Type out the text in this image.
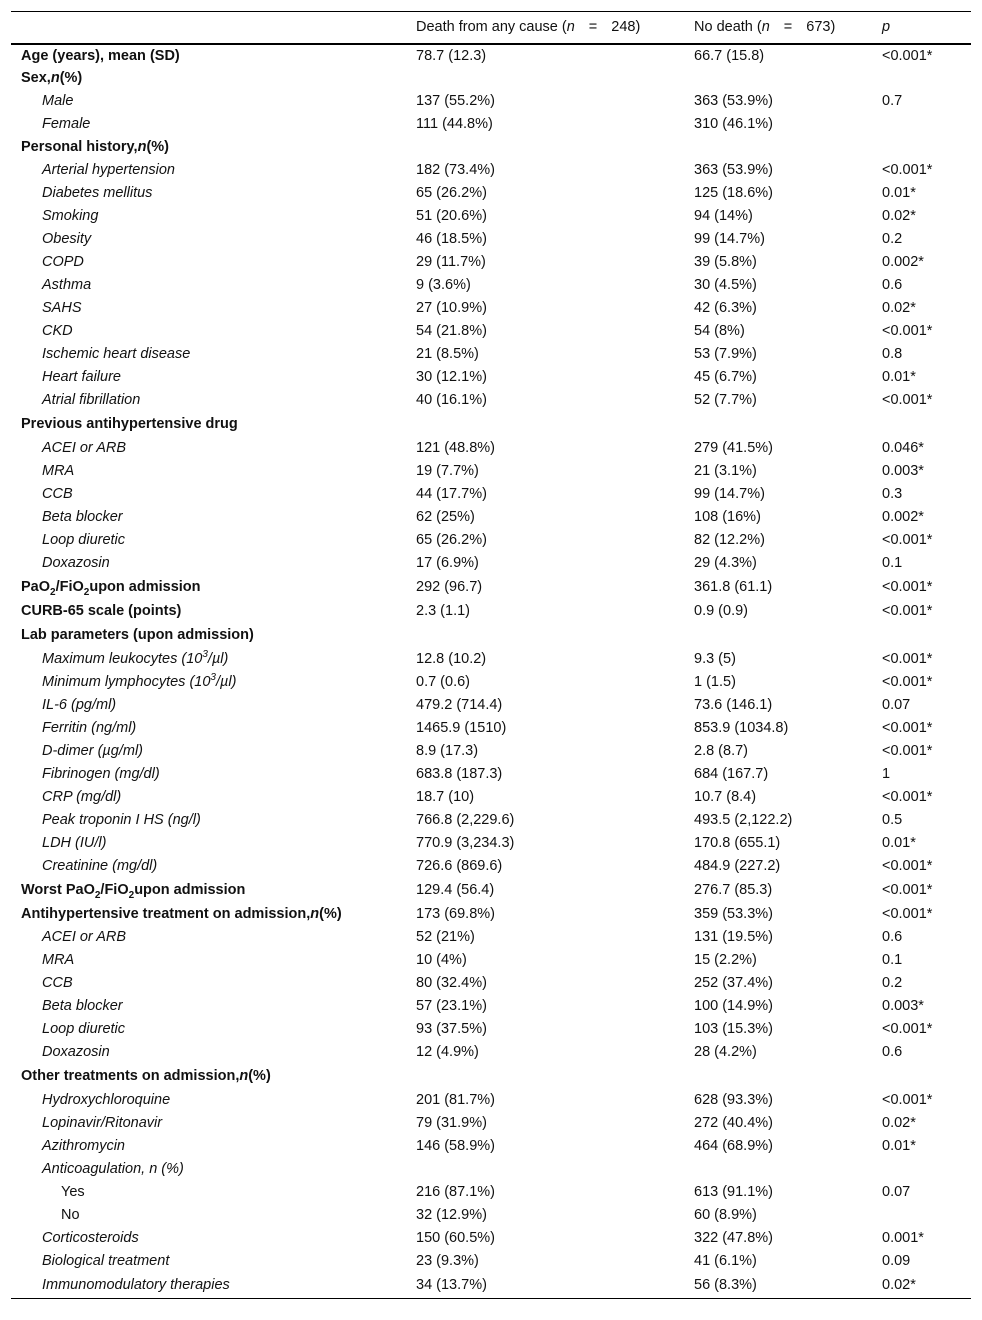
	Death from any cause (n = 248)	No death (n = 673)	p
Age (years), mean (SD)	78.7 (12.3)	66.7 (15.8)	<0.001*
Sex,n(%)			
Male	137 (55.2%)	363 (53.9%)	0.7
Female	111 (44.8%)	310 (46.1%)	
Personal history,n(%)			
Arterial hypertension	182 (73.4%)	363 (53.9%)	<0.001*
Diabetes mellitus	65 (26.2%)	125 (18.6%)	0.01*
Smoking	51 (20.6%)	94 (14%)	0.02*
Obesity	46 (18.5%)	99 (14.7%)	0.2
COPD	29 (11.7%)	39 (5.8%)	0.002*
Asthma	9 (3.6%)	30 (4.5%)	0.6
SAHS	27 (10.9%)	42 (6.3%)	0.02*
CKD	54 (21.8%)	54 (8%)	<0.001*
Ischemic heart disease	21 (8.5%)	53 (7.9%)	0.8
Heart failure	30 (12.1%)	45 (6.7%)	0.01*
Atrial fibrillation	40 (16.1%)	52 (7.7%)	<0.001*
Previous antihypertensive drug			
ACEI or ARB	121 (48.8%)	279 (41.5%)	0.046*
MRA	19 (7.7%)	21 (3.1%)	0.003*
CCB	44 (17.7%)	99 (14.7%)	0.3
Beta blocker	62 (25%)	108 (16%)	0.002*
Loop diuretic	65 (26.2%)	82 (12.2%)	<0.001*
Doxazosin	17 (6.9%)	29 (4.3%)	0.1
PaO$_2$/FiO$_2$upon admission	292 (96.7)	361.8 (61.1)	<0.001*
CURB-65 scale (points)	2.3 (1.1)	0.9 (0.9)	<0.001*
Lab parameters (upon admission)			
Maximum leukocytes $(10^3/\mu l)$	12.8 (10.2)	9.3 (5)	<0.001*
Minimum lymphocytes $(10^3/\mu l)$	0.7 (0.6)	1 (1.5)	<0.001*
IL-6 (pg/ml)	479.2 (714.4)	73.6 (146.1)	0.07
Ferritin (ng/ml)	1465.9 (1510)	853.9 (1034.8)	<0.001*
D-dimer (µg/ml)	8.9 (17.3)	2.8 (8.7)	<0.001*
Fibrinogen (mg/dl)	683.8 (187.3)	684 (167.7)	1
CRP (mg/dl)	18.7 (10)	10.7 (8.4)	<0.001*
Peak troponin I HS (ng/l)	766.8 (2,229.6)	493.5 (2,122.2)	0.5
LDH (IU/l)	770.9 (3,234.3)	170.8 (655.1)	0.01*
Creatinine (mg/dl)	726.6 (869.6)	484.9 (227.2)	<0.001*
Worst PaO$_2$/FiO$_2$upon admission	129.4 (56.4)	276.7 (85.3)	<0.001*
Antihypertensive treatment on admission,n(%)	173 (69.8%)	359 (53.3%)	<0.001*
ACEI or ARB	52 (21%)	131 (19.5%)	0.6
MRA	10 (4%)	15 (2.2%)	0.1
CCB	80 (32.4%)	252 (37.4%)	0.2
Beta blocker	57 (23.1%)	100 (14.9%)	0.003*
Loop diuretic	93 (37.5%)	103 (15.3%)	<0.001*
Doxazosin	12 (4.9%)	28 (4.2%)	0.6
Other treatments on admission,n(%)			
Hydroxychloroquine	201 (81.7%)	628 (93.3%)	<0.001*
Lopinavir/Ritonavir	79 (31.9%)	272 (40.4%)	0.02*
Azithromycin	146 (58.9%)	464 (68.9%)	0.01*
Anticoagulation, n (%)			
Yes	216 (87.1%)	613 (91.1%)	0.07
No	32 (12.9%)	60 (8.9%)	
Corticosteroids	150 (60.5%)	322 (47.8%)	0.001*
Biological treatment	23 (9.3%)	41 (6.1%)	0.09
Immunomodulatory therapies	34 (13.7%)	56 (8.3%)	0.02*
